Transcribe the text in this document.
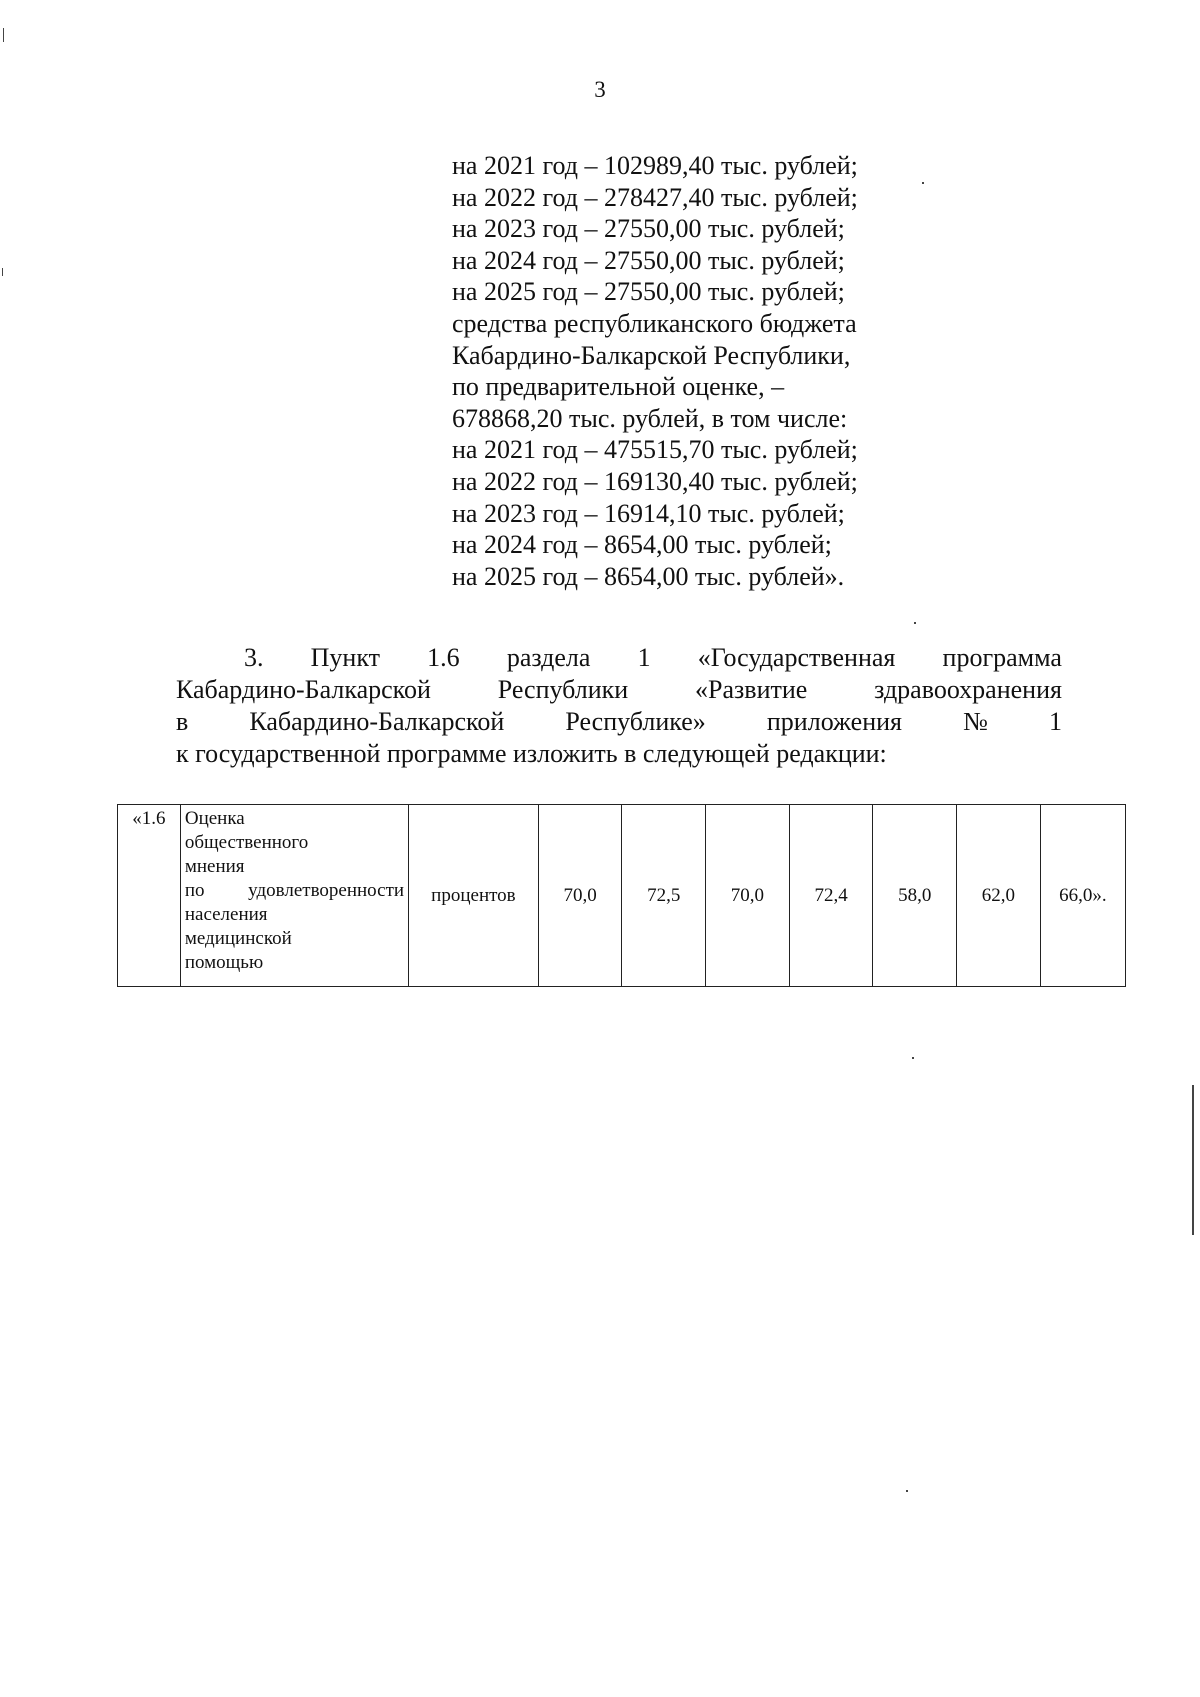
3
на 2021 год – 102989,40 тыс. рублей;
на 2022 год – 278427,40 тыс. рублей;
на 2023 год – 27550,00 тыс. рублей;
на 2024 год – 27550,00 тыс. рублей;
на 2025 год – 27550,00 тыс. рублей;
средства республиканского бюджета
Кабардино-Балкарской Республики,
по предварительной оценке, –
678868,20 тыс. рублей, в том числе:
на 2021 год – 475515,70 тыс. рублей;
на 2022 год – 169130,40 тыс. рублей;
на 2023 год – 16914,10 тыс. рублей;
на 2024 год – 8654,00 тыс. рублей;
на 2025 год – 8654,00 тыс. рублей».
3. Пункт 1.6 раздела 1 «Государственная программа
Кабардино-Балкарской	Республики	«Развитие	здравоохранения
в Кабардино-Балкарской Республике» приложения № 1
к государственной программе изложить в следующей редакции:
«1.6	Оценка
общественного
мнения
по удовлетворенности
населения
медицинской
помощью
	процентов	70,0	72,5	70,0	72,4	58,0	62,0	66,0».
